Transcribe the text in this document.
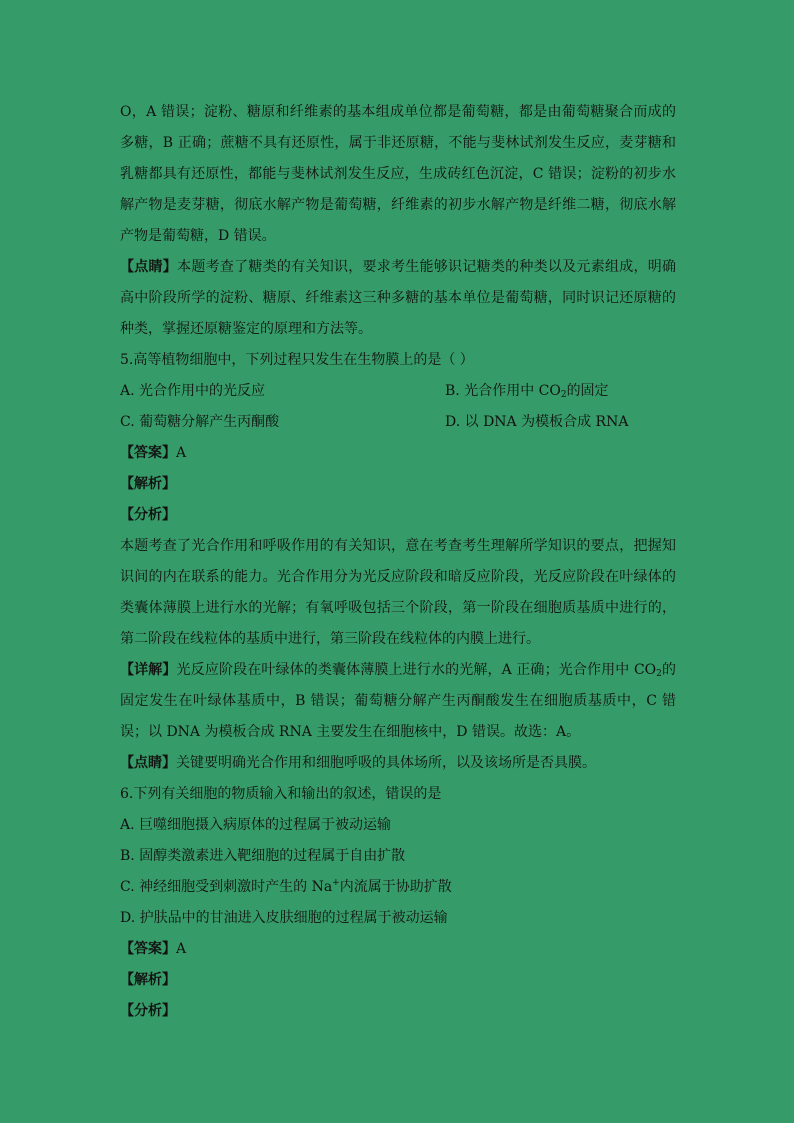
O，A 错误；淀粉、糖原和纤维素的基本组成单位都是葡萄糖，都是由葡萄糖聚合而成的多糖，B 正确；蔗糖不具有还原性，属于非还原糖，不能与斐林试剂发生反应，麦芽糖和乳糖都具有还原性，都能与斐林试剂发生反应，生成砖红色沉淀，C 错误；淀粉的初步水解产物是麦芽糖，彻底水解产物是葡萄糖，纤维素的初步水解产物是纤维二糖，彻底水解产物是葡萄糖，D 错误。
【点睛】本题考查了糖类的有关知识，要求考生能够识记糖类的种类以及元素组成，明确高中阶段所学的淀粉、糖原、纤维素这三种多糖的基本单位是葡萄糖，同时识记还原糖的种类，掌握还原糖鉴定的原理和方法等。
5.高等植物细胞中，下列过程只发生在生物膜上的是（ ）
A. 光合作用中的光反应	B. 光合作用中 $CO_2$的固定
C. 葡萄糖分解产生丙酮酸	D. 以 DNA 为模板合成 RNA
【答案】A
【解析】
【分析】
本题考查了光合作用和呼吸作用的有关知识，意在考查考生理解所学知识的要点，把握知识间的内在联系的能力。光合作用分为光反应阶段和暗反应阶段，光反应阶段在叶绿体的类囊体薄膜上进行水的光解；有氧呼吸包括三个阶段，第一阶段在细胞质基质中进行的，第二阶段在线粒体的基质中进行，第三阶段在线粒体的内膜上进行。
【详解】光反应阶段在叶绿体的类囊体薄膜上进行水的光解，A 正确；光合作用中 $CO_2$的固定发生在叶绿体基质中，B 错误；葡萄糖分解产生丙酮酸发生在细胞质基质中，C 错误；以 DNA 为模板合成 RNA 主要发生在细胞核中，D 错误。故选：A。
【点睛】关键要明确光合作用和细胞呼吸的具体场所，以及该场所是否具膜。
6.下列有关细胞的物质输入和输出的叙述，错误的是
A. 巨噬细胞摄入病原体的过程属于被动运输
B. 固醇类激素进入靶细胞的过程属于自由扩散
C. 神经细胞受到刺激时产生的 Na+内流属于协助扩散
D. 护肤品中的甘油进入皮肤细胞的过程属于被动运输
【答案】A
【解析】
【分析】
